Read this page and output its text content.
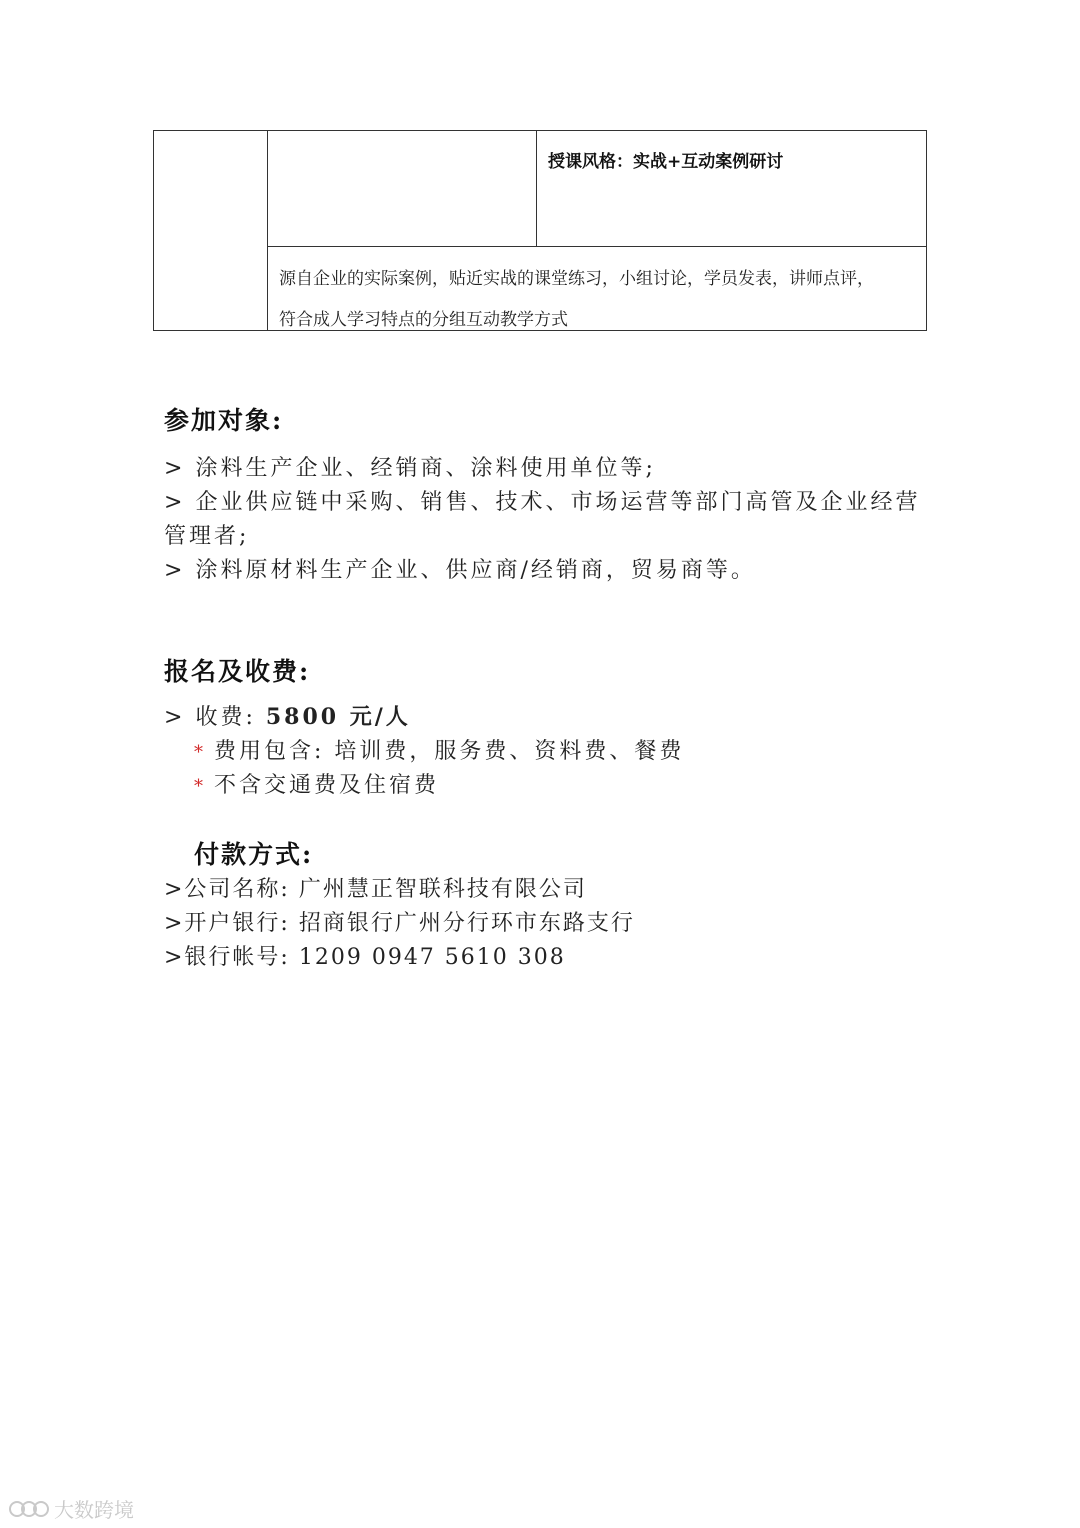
授课风格：实战+互动案例研讨
源自企业的实际案例，贴近实战的课堂练习，小组讨论，学员发表，讲师点评，
符合成人学习特点的分组互动教学方式
参加对象:
> 涂料生产企业、经销商、涂料使用单位等;
> 企业供应链中采购、销售、技术、市场运营等部门高管及企业经营
管理者;
> 涂料原材料生产企业、供应商/经销商，贸易商等。
报名及收费:
> 收费: 5800 元/人
* 费用包含: 培训费，服务费、资料费、餐费
* 不含交通费及住宿费
付款方式:
>公司名称: 广州慧正智联科技有限公司
>开户银行: 招商银行广州分行环市东路支行
>银行帐号: 1209 0947 5610 308
大数跨境
